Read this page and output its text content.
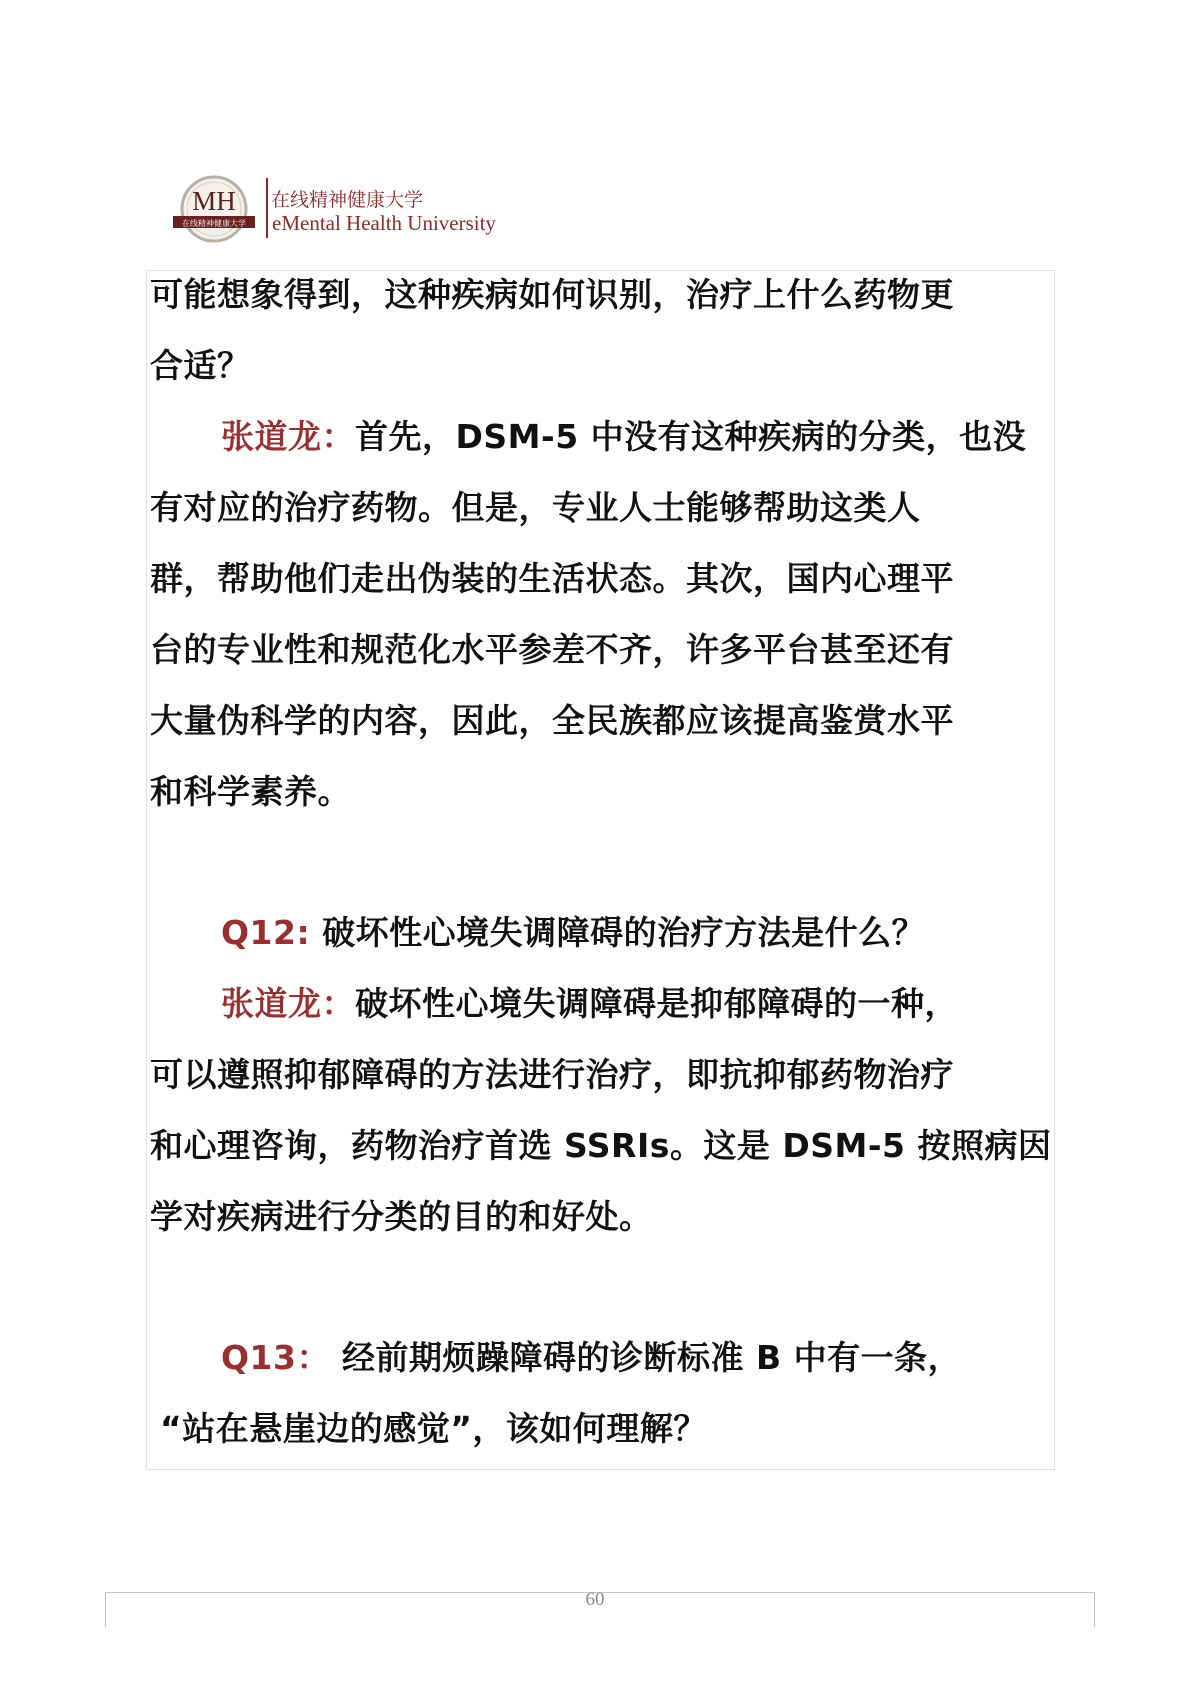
MH
在线精神健康大学
在线精神健康大学
eMental Health University
可能想象得到，这种疾病如何识别，治疗上什么药物更
合适？
张道龙：首先，DSM-5 中没有这种疾病的分类，也没
有对应的治疗药物。但是，专业人士能够帮助这类人
群，帮助他们走出伪装的生活状态。其次，国内心理平
台的专业性和规范化水平参差不齐，许多平台甚至还有
大量伪科学的内容，因此，全民族都应该提高鉴赏水平
和科学素养。
Q12: 破坏性心境失调障碍的治疗方法是什么？
张道龙：破坏性心境失调障碍是抑郁障碍的一种，
可以遵照抑郁障碍的方法进行治疗，即抗抑郁药物治疗
和心理咨询，药物治疗首选 SSRIs。这是 DSM-5 按照病因
学对疾病进行分类的目的和好处。
Q13： 经前期烦躁障碍的诊断标准 B 中有一条，
“站在悬崖边的感觉”，该如何理解？
60
